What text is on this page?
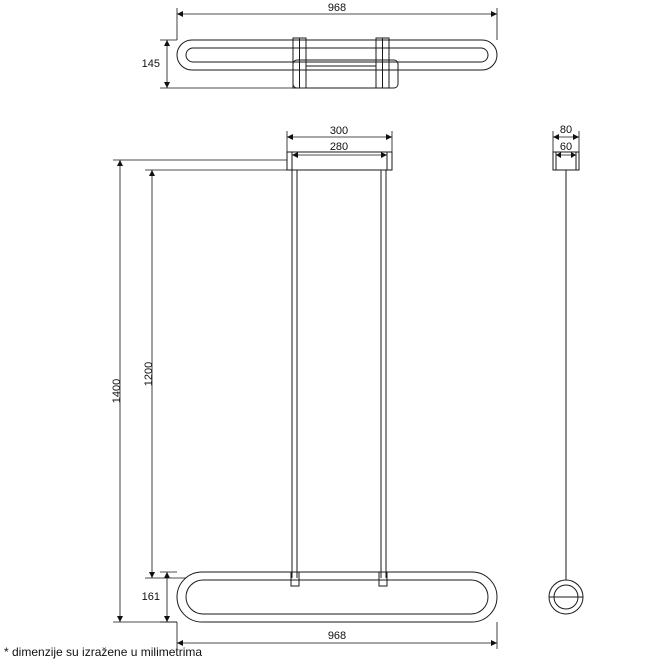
968
145
300
280
1200
1400
161
968
80
60
* dimenzije su izražene u milimetrima
